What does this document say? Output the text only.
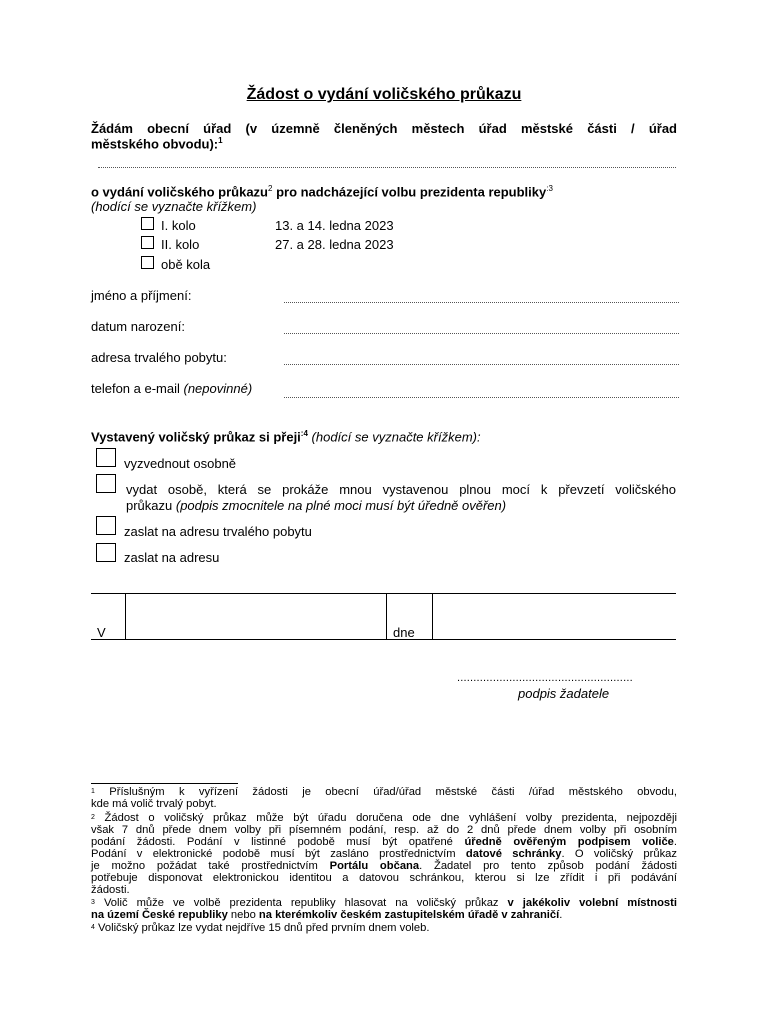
Žádost o vydání voličského průkazu
Žádám obecní úřad (v územně členěných městech úřad městské části / úřad
městského obvodu):$^1$
o vydání voličského průkazu$^2$ pro nadcházející volbu prezidenta republiky$^{:3}$
(hodící se vyznačte křížkem)
I. kolo	13. a 14. ledna 2023
II. kolo	27. a 28. ledna 2023
obě kola
jméno a příjmení:
datum narození:
adresa trvalého pobytu:
telefon a e-mail (nepovinné)
Vystavený voličský průkaz si přeji$^{:4}$ (hodící se vyznačte křížkem):
vyzvednout osobně
vydat osobě, která se prokáže mnou vystavenou plnou mocí k převzetí voličského
průkazu (podpis zmocnitele na plné moci musí být úředně ověřen)
zaslat na adresu trvalého pobytu
zaslat na adresu
V	dne
......................................................
podpis žadatele
$^1$ Příslušným k vyřízení žádosti je obecní úřad/úřad městské části /úřad městského obvodu,
kde má volič trvalý pobyt.
$^2$ Žádost o voličský průkaz může být úřadu doručena ode dne vyhlášení volby prezidenta, nejpozději
však 7 dnů přede dnem volby při písemném podání, resp. až do 2 dnů přede dnem volby při osobním
podání žádosti. Podání v listinné podobě musí být opatřené úředně ověřeným podpisem voliče.
Podání v elektronické podobě musí být zasláno prostřednictvím datové schránky. O voličský průkaz
je možno požádat také prostřednictvím Portálu občana. Žadatel pro tento způsob podání žádosti
potřebuje disponovat elektronickou identitou a datovou schránkou, kterou si lze zřídit i při podávání
žádosti.
$^3$ Volič může ve volbě prezidenta republiky hlasovat na voličský průkaz v jakékoliv volební místnosti
na území České republiky nebo na kterémkoliv českém zastupitelském úřadě v zahraničí.
$^4$ Voličský průkaz lze vydat nejdříve 15 dnů před prvním dnem voleb.
